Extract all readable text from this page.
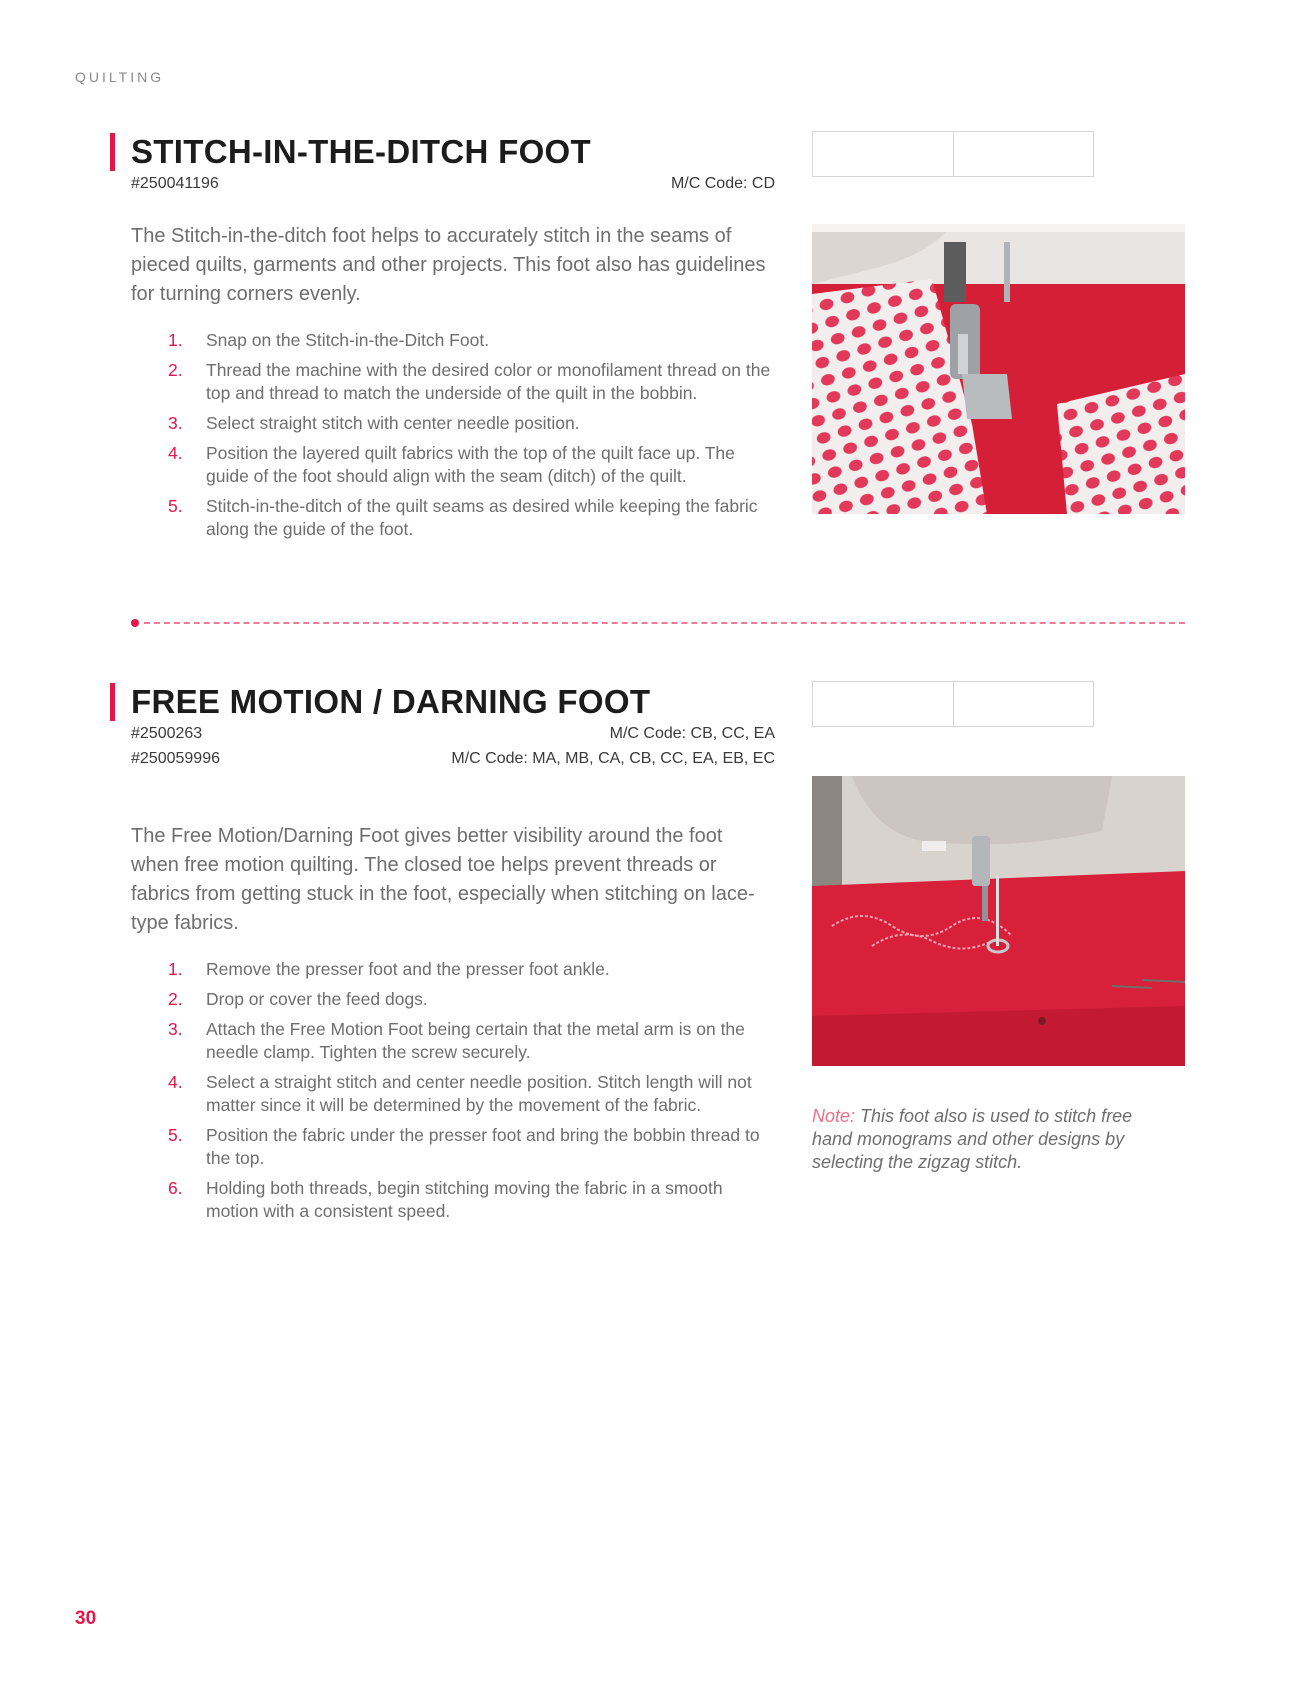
QUILTING
STITCH-IN-THE-DITCH FOOT
#250041196	M/C Code: CD

The Stitch-in-the-ditch foot helps to accurately stitch in the seams of pieced quilts, garments and other projects. This foot also has guidelines for turning corners evenly.

1. Snap on the Stitch-in-the-Ditch Foot.
2. Thread the machine with the desired color or monofilament thread on the top and thread to match the underside of the quilt in the bobbin.
3. Select straight stitch with center needle position.
4. Position the layered quilt fabrics with the top of the quilt face up. The guide of the foot should align with the seam (ditch) of the quilt.
5. Stitch-in-the-ditch of the quilt seams as desired while keeping the fabric along the guide of the foot.
FREE MOTION / DARNING FOOT
#2500263	M/C Code: CB, CC, EA
#250059996	M/C Code: MA, MB, CA, CB, CC, EA, EB, EC

The Free Motion/Darning Foot gives better visibility around the foot when free motion quilting. The closed toe helps prevent threads or fabrics from getting stuck in the foot, especially when stitching on lace-type fabrics.

1. Remove the presser foot and the presser foot ankle.
2. Drop or cover the feed dogs.
3. Attach the Free Motion Foot being certain that the metal arm is on the needle clamp. Tighten the screw securely.
4. Select a straight stitch and center needle position. Stitch length will not matter since it will be determined by the movement of the fabric.
5. Position the fabric under the presser foot and bring the bobbin thread to the top.
6. Holding both threads, begin stitching moving the fabric in a smooth motion with a consistent speed.

Note: This foot also is used to stitch free hand monograms and other designs by selecting the zigzag stitch.

30
